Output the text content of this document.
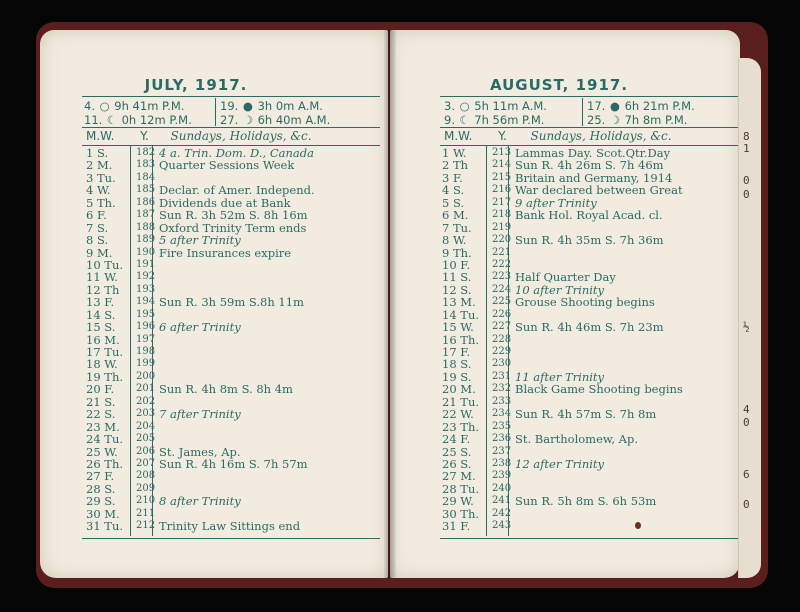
JULY, 1917.
4. ○ 9h 41m P.M.	19. ● 3h 0m A.M.
11. ☾ 0h 12m P.M. 27. ☽ 6h 40m A.M.
M.W. Y. Sundays, Holidays, &c.
1 S.	182 4 a. Trin. Dom. D., Canada
2 M.	183 Quarter Sessions Week
3 Tu.	184
4 W.	185 Declar. of Amer. Independ.
5 Th.	186 Dividends due at Bank
6 F.	187 Sun R. 3h 52m S. 8h 16m
7 S.	188 Oxford Trinity Term ends
8 S.	189 5 after Trinity
9 M.	190 Fire Insurances expire
10 Tu.	191
11 W.	192
12 Th	193
13 F.	194 Sun R. 3h 59m S.8h 11m
14 S.	195
15 S.	196 6 after Trinity
16 M.	197
17 Tu.	198
18 W.	199
19 Th.	200
20 F.	201 Sun R. 4h 8m S. 8h 4m
21 S.	202
22 S.	203 7 after Trinity
23 M.	204
24 Tu.	205
25 W.	206 St. James, Ap.
26 Th.	207 Sun R. 4h 16m S. 7h 57m
27 F.	208
28 S.	209
29 S.	210 8 after Trinity
30 M.	211
31 Tu.	212 Trinity Law Sittings end
AUGUST, 1917.
3. ○ 5h 11m A.M.	17. ● 6h 21m P.M.
9. ☾ 7h 56m P.M.	25. ☽ 7h 8m P.M.
M.W. Y. Sundays, Holidays, &c.
1 W.	213 Lammas Day. Scot.Qtr.Day
2 Th	214 Sun R. 4h 26m S. 7h 46m
3 F.	215 Britain and Germany, 1914
4 S.	216 War declared between Great
5 S.	217 9 after Trinity
6 M.	218 Bank Hol. Royal Acad. cl.
7 Tu.	219
8 W.	220 Sun R. 4h 35m S. 7h 36m
9 Th.	221
10 F.	222
11 S.	223 Half Quarter Day
12 S.	224 10 after Trinity
13 M.	225 Grouse Shooting begins
14 Tu.	226
15 W.	227 Sun R. 4h 46m S. 7h 23m
16 Th.	228
17 F.	229
18 S.	230
19 S.	231 11 after Trinity
20 M.	232 Black Game Shooting begins
21 Tu.	233
22 W.	234 Sun R. 4h 57m S. 7h 8m
23 Th.	235
24 F.	236 St. Bartholomew, Ap.
25 S.	237
26 S.	238 12 after Trinity
27 M.	239
28 Tu.	240
29 W.	241 Sun R. 5h 8m S. 6h 53m
30 Th.	242
31 F.	243
8
1
0
0
½
4
0
6
0
